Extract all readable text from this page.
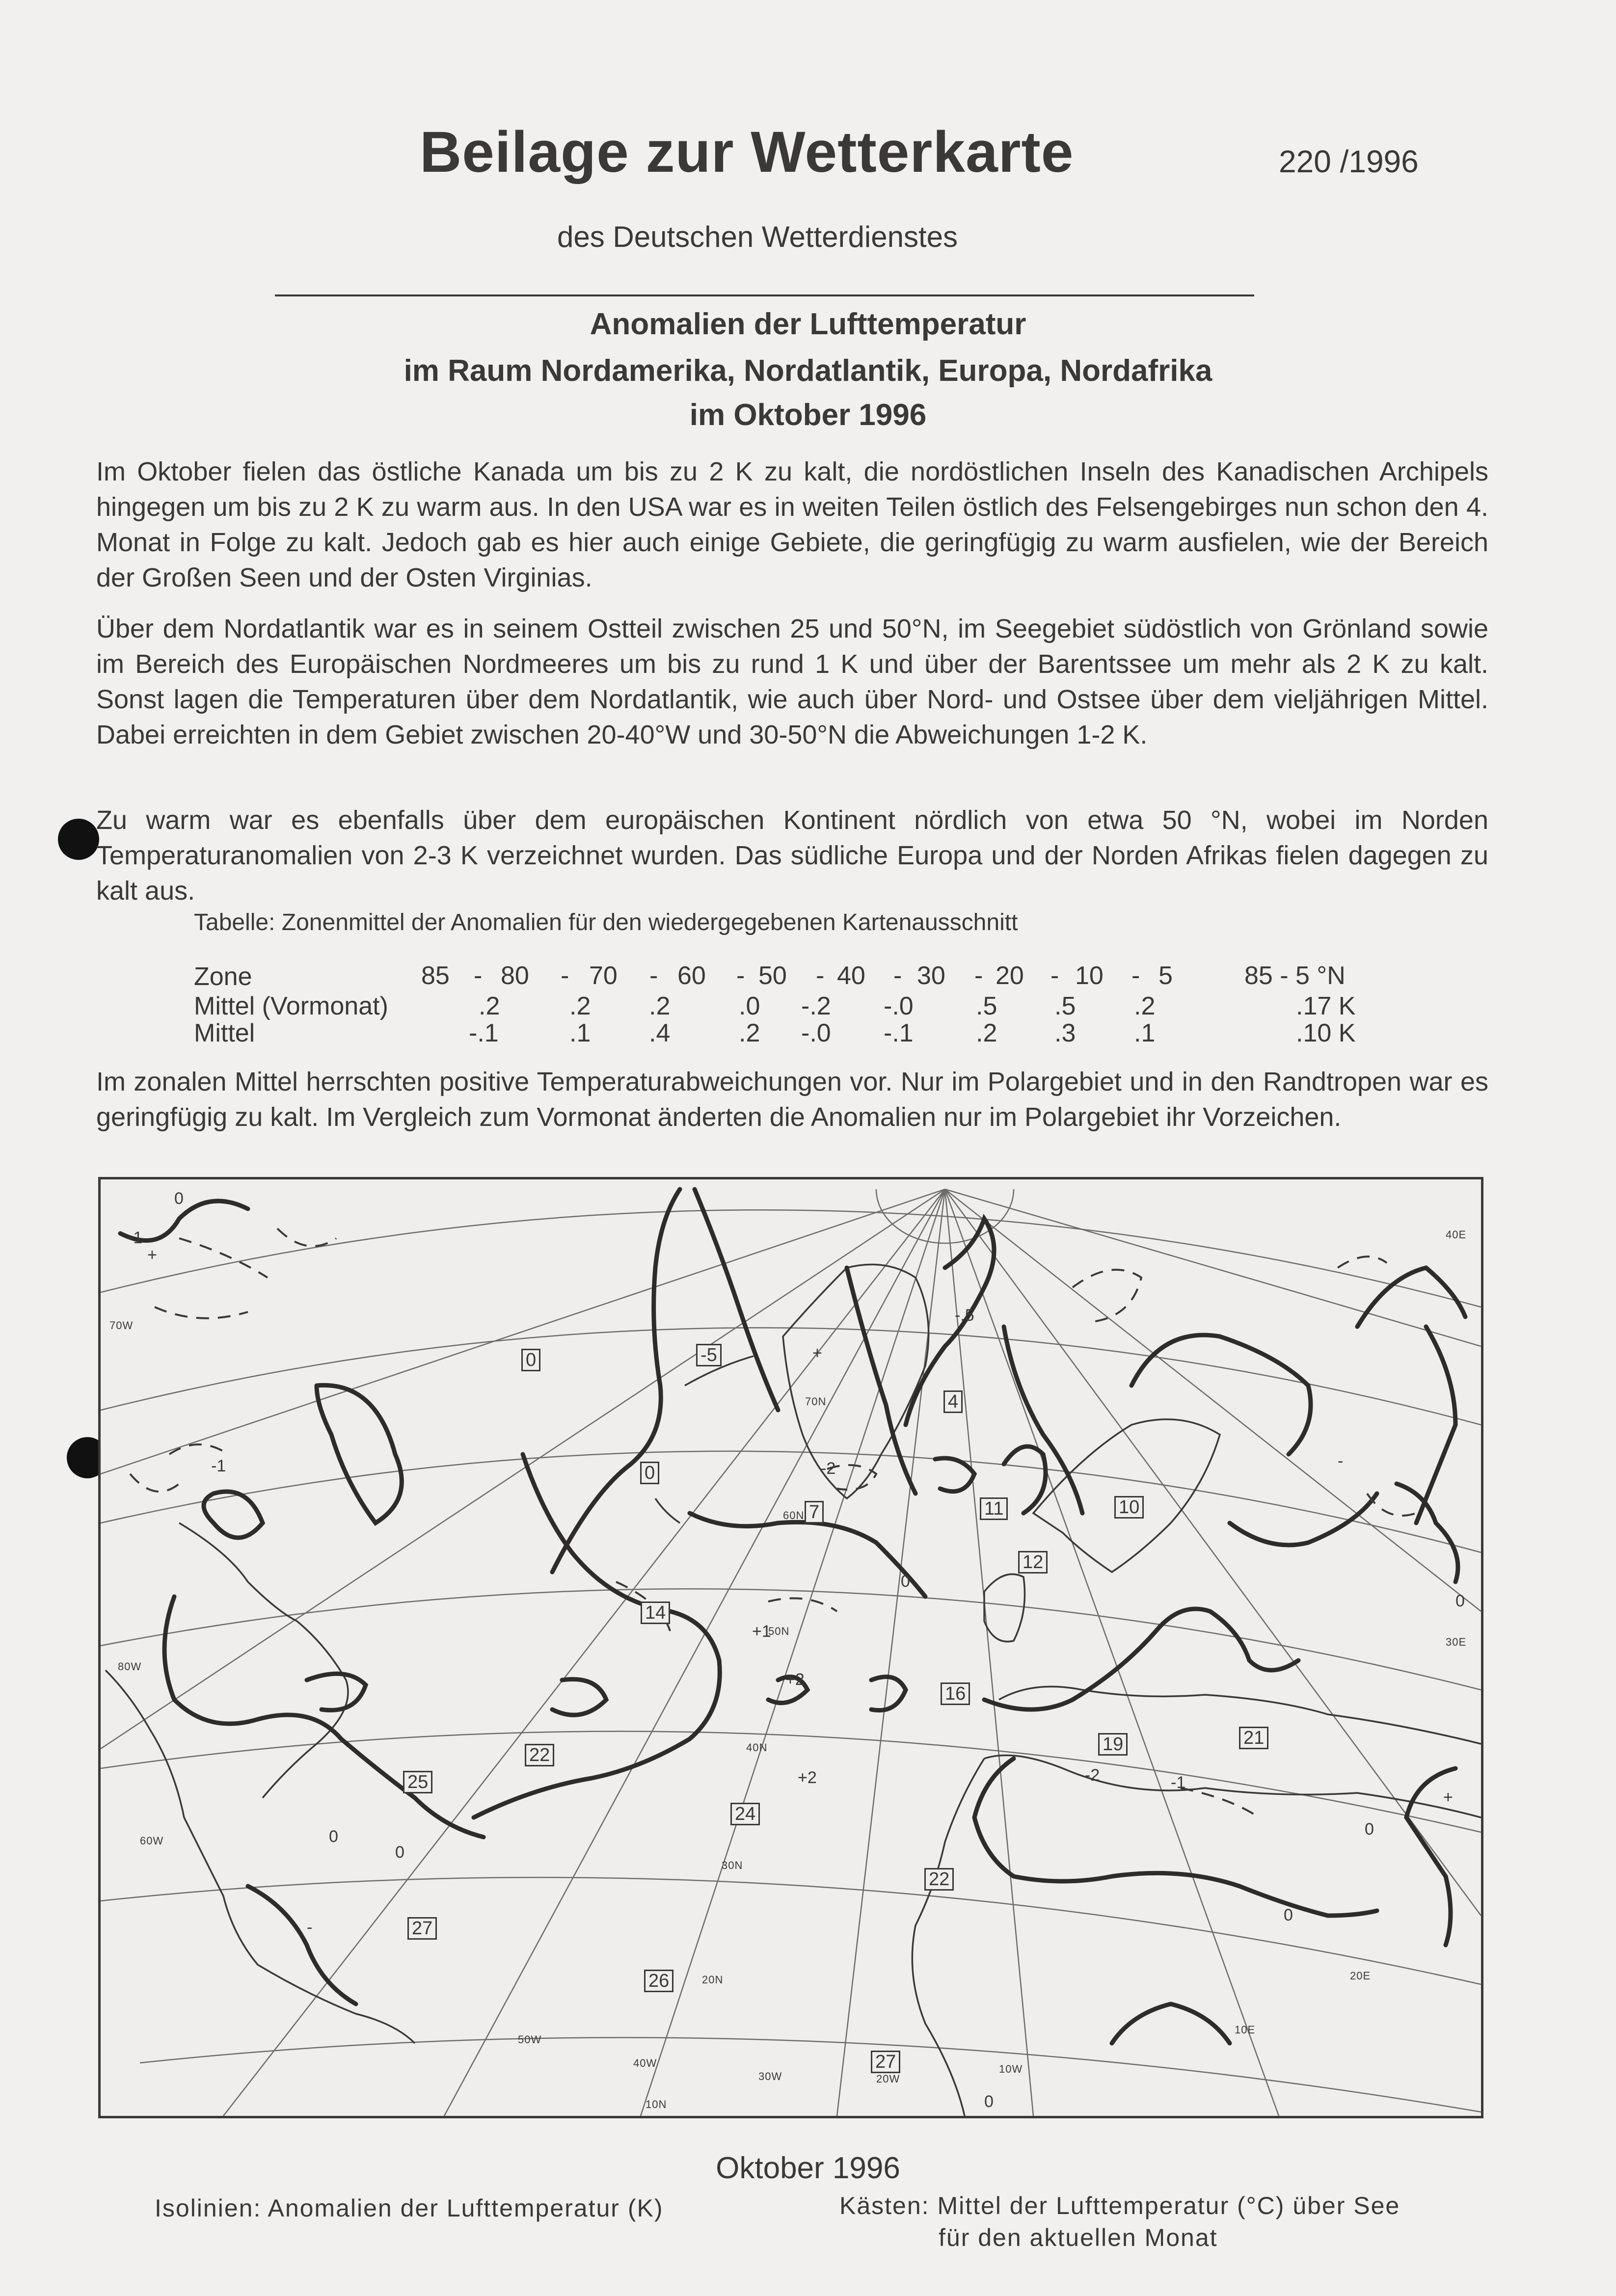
Beilage zur Wetterkarte	220 /1996
des Deutschen Wetterdienstes
Anomalien der Lufttemperatur
im Raum Nordamerika, Nordatlantik, Europa, Nordafrika
im Oktober 1996
Im Oktober fielen das östliche Kanada um bis zu 2 K zu kalt, die nordöstlichen Inseln des Kanadischen Archipels hingegen um bis zu 2 K zu warm aus. In den USA war es in weiten Teilen östlich des Felsengebirges nun schon den 4. Monat in Folge zu kalt. Jedoch gab es hier auch einige Gebiete, die geringfügig zu warm ausfielen, wie der Bereich der Großen Seen und der Osten Virginias.
Über dem Nordatlantik war es in seinem Ostteil zwischen 25 und 50°N, im Seegebiet südöstlich von Grönland sowie im Bereich des Europäischen Nordmeeres um bis zu rund 1 K und über der Barentssee um mehr als 2 K zu kalt. Sonst lagen die Temperaturen über dem Nordatlantik, wie auch über Nord- und Ostsee über dem vieljährigen Mittel. Dabei erreichten in dem Gebiet zwischen 20-40°W und 30-50°N die Abweichungen 1-2 K.
Zu warm war es ebenfalls über dem europäischen Kontinent nördlich von etwa 50 °N, wobei im Norden Temperaturanomalien von 2-3 K verzeichnet wurden. Das südliche Europa und der Norden Afrikas fielen dagegen zu kalt aus.
Tabelle: Zonenmittel der Anomalien für den wiedergegebenen Kartenausschnitt
Zone	85 - 80 - 70 - 60 - 50 - 40 - 30 - 20 - 10 - 5	85 - 5 °N
Mittel (Vormonat)	.2	.2 .2	.0 -.2 -.0 .5 .5 .2	.17 K
Mittel	-.1	.1 .4	.2 -.0 -.1 .2 .3 .1	.10 K
Im zonalen Mittel herrschten positive Temperaturabweichungen vor. Nur im Polargebiet und in den Randtropen war es geringfügig zu kalt. Im Vergleich zum Vormonat änderten die Anomalien nur im Polargebiet ihr Vorzeichen.
0	-5
4
0
7	11	10
12
14
16
19	21
22
24
25
22
27
26
27
70N
60N
50N
40N
30N
20N
10N
70W
80W
60W
50W
40W
30W	20W
10W
10E
20E
30E
40E
0
0
0
0
0
0
0
0
-1
-1
-1
-2
-2
+
+
+
+1
+2
+2
-
-
-.5
Oktober 1996
Isolinien: Anomalien der Lufttemperatur (K)	Kästen: Mittel der Lufttemperatur (°C) über See
für den aktuellen Monat
